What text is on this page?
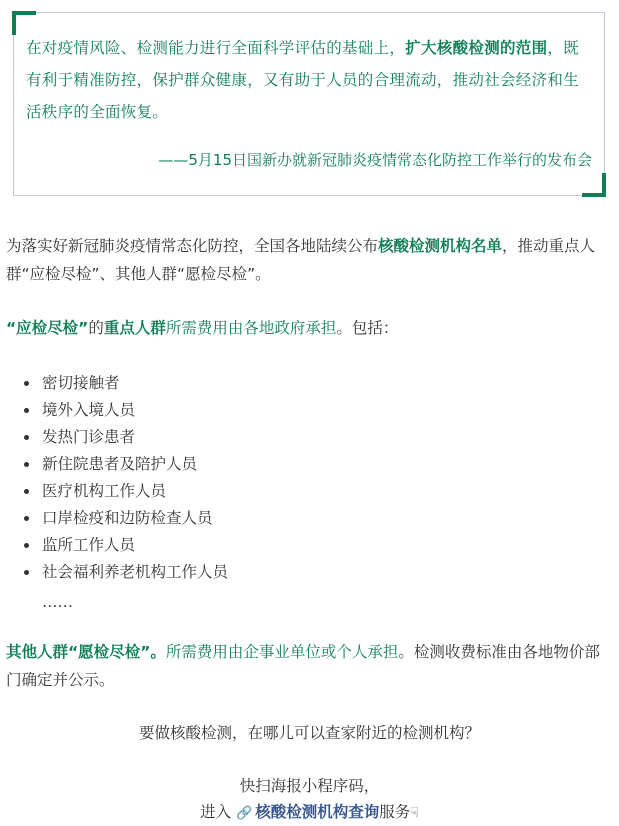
在对疫情风险、检测能力进行全面科学评估的基础上，扩大核酸检测的范围，既有利于精准防控，保护群众健康，又有助于人员的合理流动，推动社会经济和生活秩序的全面恢复。
——5月15日国新办就新冠肺炎疫情常态化防控工作举行的发布会
为落实好新冠肺炎疫情常态化防控，全国各地陆续公布核酸检测机构名单，推动重点人群“应检尽检”、其他人群“愿检尽检”。
“应检尽检”的重点人群所需费用由各地政府承担。包括：
密切接触者
境外入境人员
发热门诊患者
新住院患者及陪护人员
医疗机构工作人员
口岸检疫和边防检查人员
监所工作人员
社会福利养老机构工作人员
……
其他人群“愿检尽检”。所需费用由企事业单位或个人承担。检测收费标准由各地物价部门确定并公示。
要做核酸检测，在哪儿可以查家附近的检测机构？
快扫海报小程序码，
进入 🔗 核酸检测机构查询服务☟
